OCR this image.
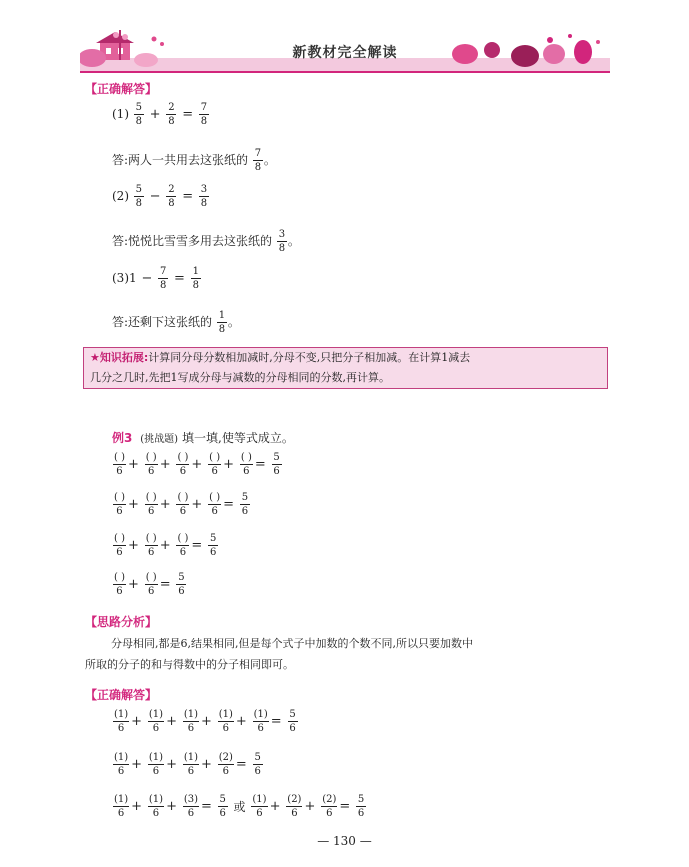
新教材完全解读
【正确解答】
$(1) \frac{5}{8} + \frac{2}{8} = \frac{7}{8}$
答:两人一共用去这张纸的 $\frac{7}{8}$ 。
$(2) \frac{5}{8} - \frac{2}{8} = \frac{3}{8}$
答:悦悦比雪雪多用去这张纸的 $\frac{3}{8}$ 。
$(3)1 - \frac{7}{8} = \frac{1}{8}$
答:还剩下这张纸的 $\frac{1}{8}$ 。
★知识拓展:计算同分母分数相加减时,分母不变,只把分子相加减。在计算1减去
几分之几时,先把1写成分母与减数的分母相同的分数,再计算。
例3 (挑战题) 填一填,使等式成立。
$\frac{( )}{6} + \frac{( )}{6} + \frac{( )}{6} + \frac{( )}{6} + \frac{( )}{6} = \frac{5}{6}$
$\frac{( )}{6} + \frac{( )}{6} + \frac{( )}{6} + \frac{( )}{6} = \frac{5}{6}$
$\frac{( )}{6} + \frac{( )}{6} + \frac{( )}{6} = \frac{5}{6}$
$\frac{( )}{6} + \frac{( )}{6} = \frac{5}{6}$
【思路分析】
分母相同,都是6,结果相同,但是每个式子中加数的个数不同,所以只要加数中
所取的分子的和与得数中的分子相同即可。
【正确解答】
$\frac{(1)}{6} + \frac{(1)}{6} + \frac{(1)}{6} + \frac{(1)}{6} + \frac{(1)}{6} = \frac{5}{6}$
$\frac{(1)}{6} + \frac{(1)}{6} + \frac{(1)}{6} + \frac{(2)}{6} = \frac{5}{6}$
$\frac{(1)}{6} + \frac{(1)}{6} + \frac{(3)}{6} = \frac{5}{6}$ 或 $\frac{(1)}{6} + \frac{(2)}{6} + \frac{(2)}{6} = \frac{5}{6}$
— 130 —
